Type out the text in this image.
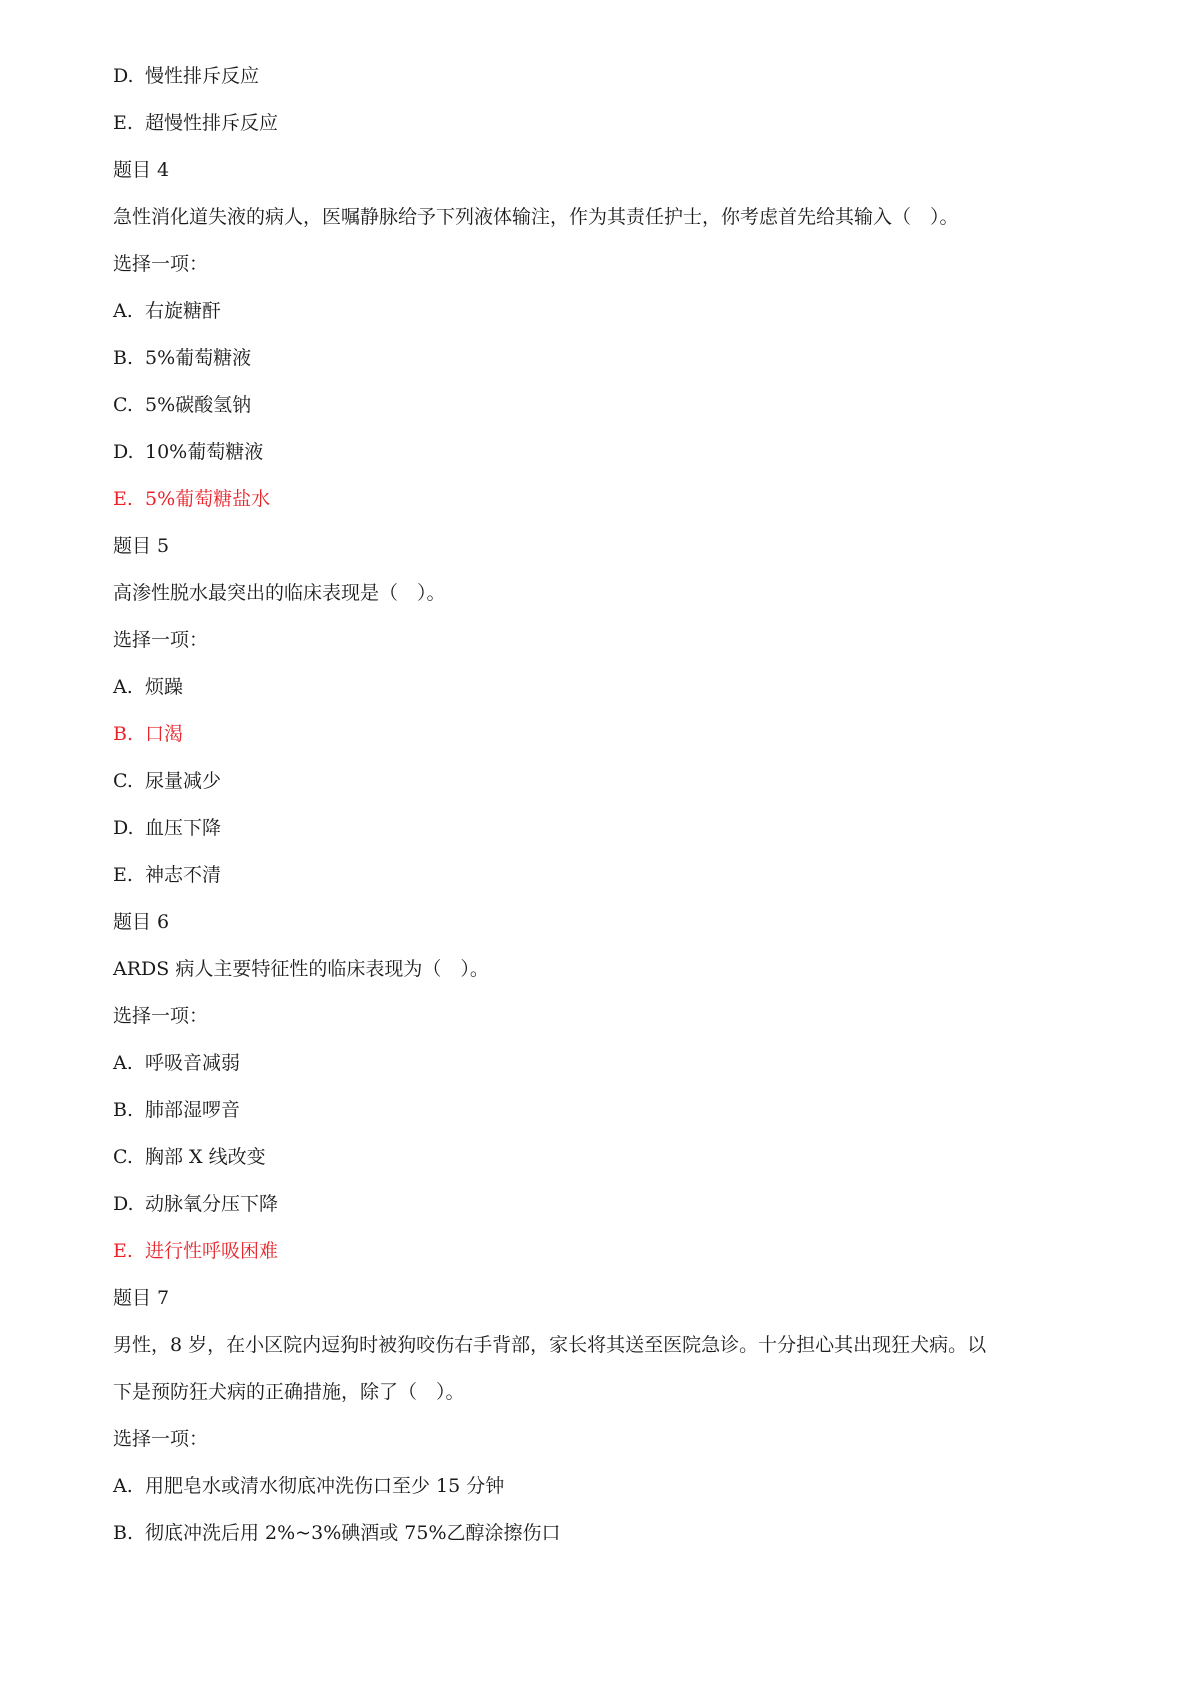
D. 慢性排斥反应
E. 超慢性排斥反应
题目 4
急性消化道失液的病人，医嘱静脉给予下列液体输注，作为其责任护士，你考虑首先给其输入（　）。
选择一项：
A. 右旋糖酐
B. 5%葡萄糖液
C. 5%碳酸氢钠
D. 10%葡萄糖液
E. 5%葡萄糖盐水
题目 5
高渗性脱水最突出的临床表现是（　）。
选择一项：
A. 烦躁
B. 口渴
C. 尿量减少
D. 血压下降
E. 神志不清
题目 6
ARDS 病人主要特征性的临床表现为（　）。
选择一项：
A. 呼吸音减弱
B. 肺部湿啰音
C. 胸部 X 线改变
D. 动脉氧分压下降
E. 进行性呼吸困难
题目 7
男性，8 岁，在小区院内逗狗时被狗咬伤右手背部，家长将其送至医院急诊。十分担心其出现狂犬病。以
下是预防狂犬病的正确措施，除了（　）。
选择一项：
A. 用肥皂水或清水彻底冲洗伤口至少 15 分钟
B. 彻底冲洗后用 2%~3%碘酒或 75%乙醇涂擦伤口
